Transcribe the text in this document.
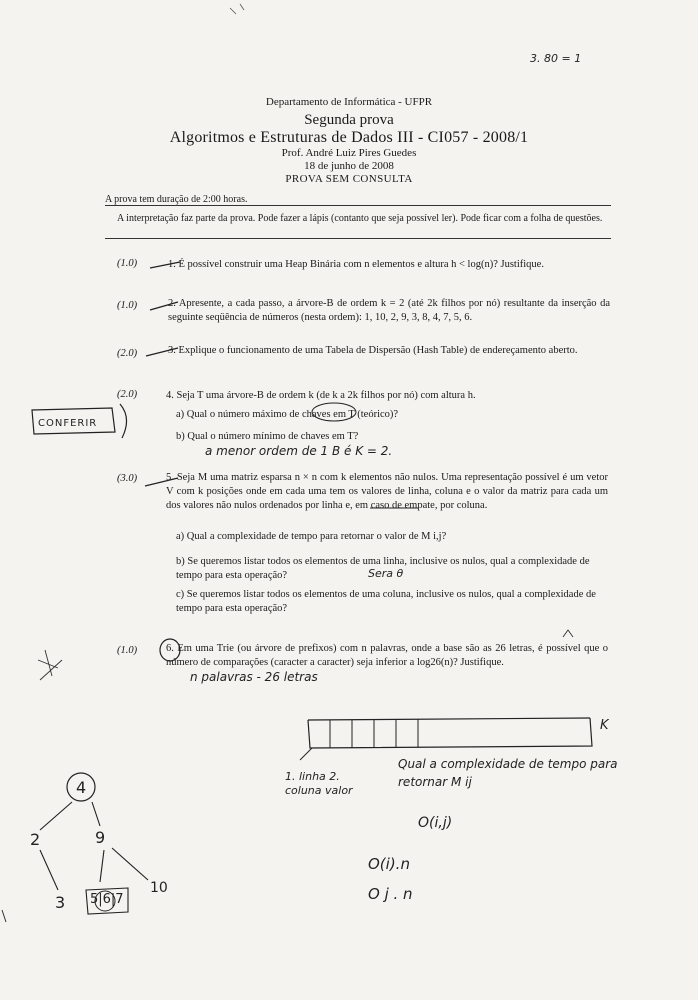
Departamento de Informática - UFPR
Segunda prova
Algoritmos e Estruturas de Dados III - CI057 - 2008/1
Prof. André Luiz Pires Guedes
18 de junho de 2008
PROVA SEM CONSULTA
A prova tem duração de 2:00 horas.
A interpretação faz parte da prova. Pode fazer a lápis (contanto que seja possível ler). Pode ficar com a folha de questões.
(1.0)	1. É possível construir uma Heap Binária com n elementos e altura h < log(n)? Justifique.
(1.0)	2. Apresente, a cada passo, a árvore-B de ordem k = 2 (até 2k filhos por nó) resultante da inserção da seguinte seqüência de números (nesta ordem): 1, 10, 2, 9, 3, 8, 4, 7, 5, 6.
(2.0)	3. Explique o funcionamento de uma Tabela de Dispersão (Hash Table) de endereçamento aberto.
(2.0)	4. Seja T uma árvore-B de ordem k (de k a 2k filhos por nó) com altura h.
a) Qual o número máximo de chaves em T (teórico)?
b) Qual o número mínimo de chaves em T?
(3.0)	5. Seja M uma matriz esparsa n × n com k elementos não nulos. Uma representação possível é um vetor V com k posições onde em cada uma tem os valores de linha, coluna e o valor da matriz para cada um dos valores não nulos ordenados por linha e, em caso de empate, por coluna.
a) Qual a complexidade de tempo para retornar o valor de M i,j?
b) Se queremos listar todos os elementos de uma linha, inclusive os nulos, qual a complexidade de tempo para esta operação?
c) Se queremos listar todos os elementos de uma coluna, inclusive os nulos, qual a complexidade de tempo para esta operação?
(1.0)	6. Em uma Trie (ou árvore de prefixos) com n palavras, onde a base são as 26 letras, é possível que o número de comparações (caracter a caracter) seja inferior a log26(n)? Justifique.
3. 80 = 1
CONFERIR
a menor ordem de 1 B é K = 2.
Sera θ
n palavras - 26 letras
K
1. linha 2. coluna valor
Qual a complexidade de tempo para retornar M ij
O(i,j)
O(i).n
O j . n
4
2	9
3 5|6|7
10
